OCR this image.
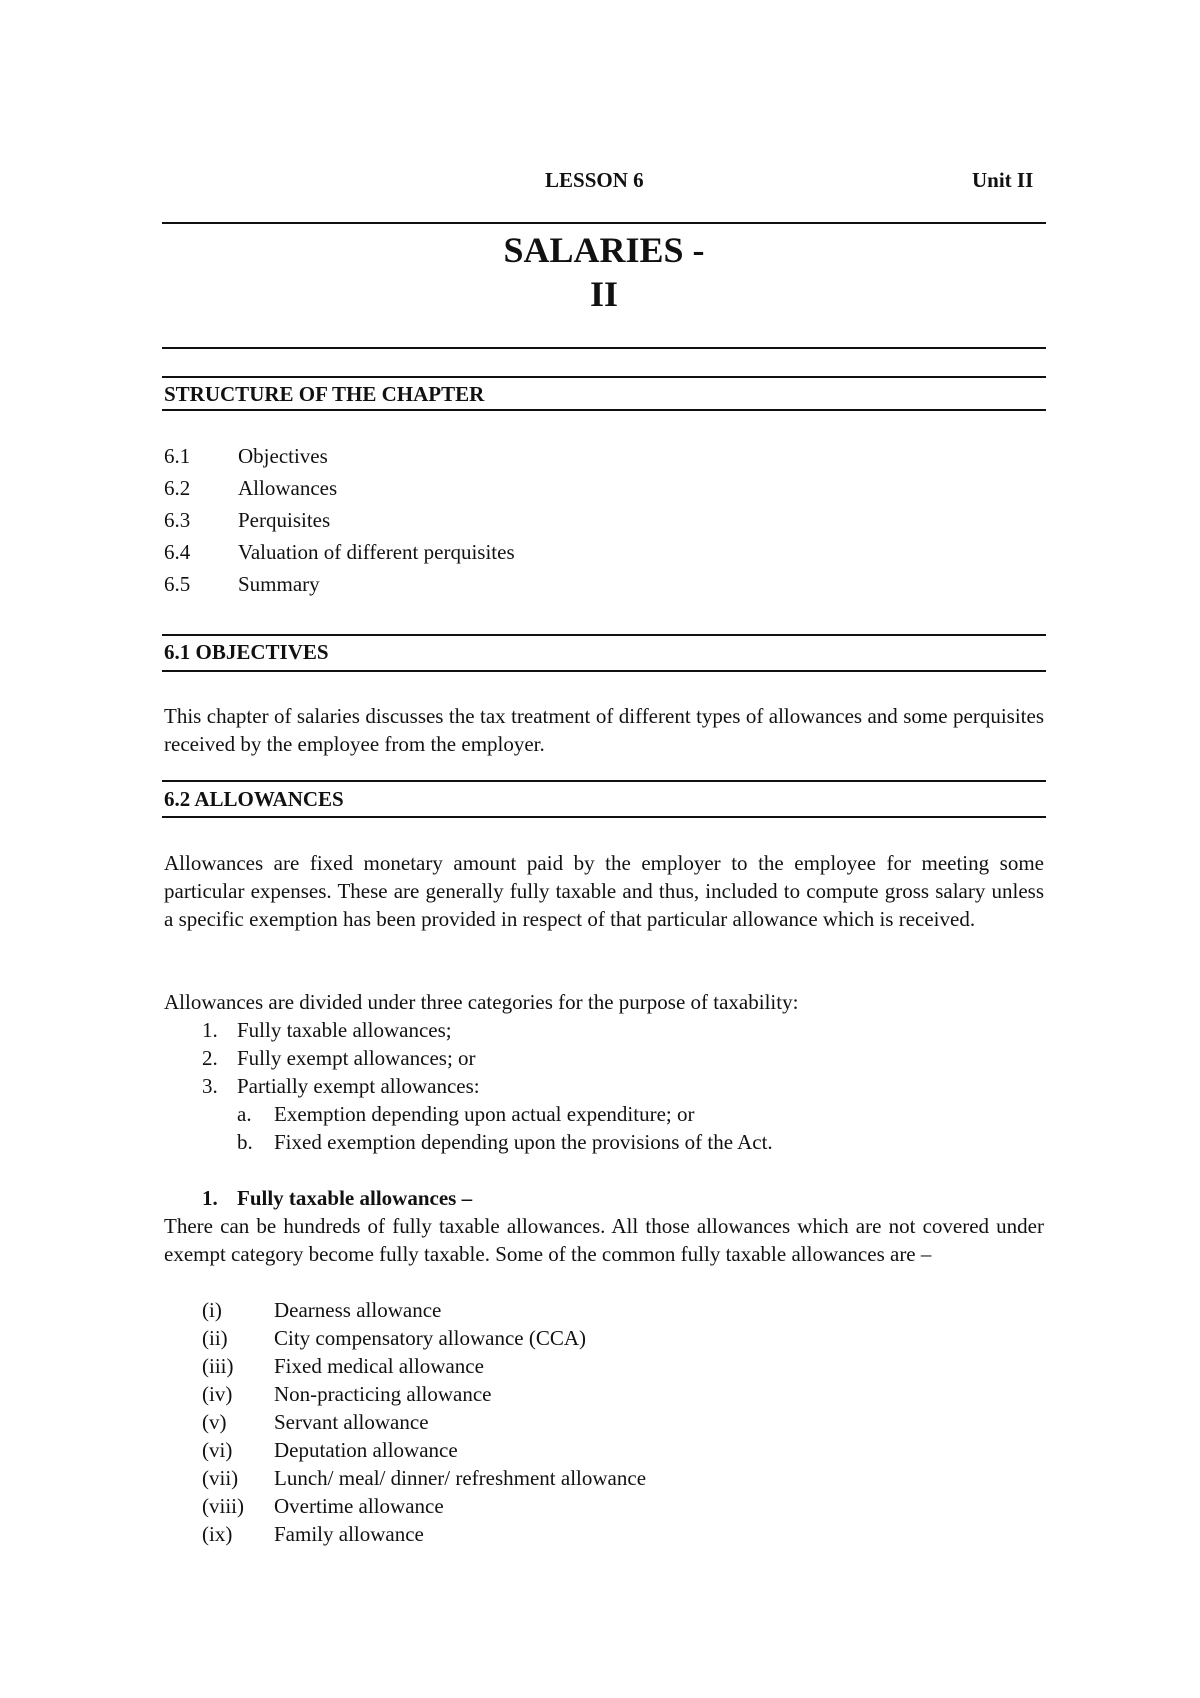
LESSON 6	Unit II
SALARIES -
II
STRUCTURE OF THE CHAPTER
6.1 Objectives
6.2 Allowances
6.3 Perquisites
6.4 Valuation of different perquisites
6.5 Summary
6.1 OBJECTIVES
This chapter of salaries discusses the tax treatment of different types of allowances and some perquisites received by the employee from the employer.
6.2 ALLOWANCES
Allowances are fixed monetary amount paid by the employer to the employee for meeting some particular expenses. These are generally fully taxable and thus, included to compute gross salary unless a specific exemption has been provided in respect of that particular allowance which is received.
Allowances are divided under three categories for the purpose of taxability:
1. Fully taxable allowances;
2. Fully exempt allowances; or
3. Partially exempt allowances:
a. Exemption depending upon actual expenditure; or
b. Fixed exemption depending upon the provisions of the Act.
1. Fully taxable allowances –
There can be hundreds of fully taxable allowances. All those allowances which are not covered under exempt category become fully taxable. Some of the common fully taxable allowances are –
(i) Dearness allowance
(ii) City compensatory allowance (CCA)
(iii) Fixed medical allowance
(iv) Non-practicing allowance
(v) Servant allowance
(vi) Deputation allowance
(vii) Lunch/ meal/ dinner/ refreshment allowance
(viii) Overtime allowance
(ix) Family allowance
